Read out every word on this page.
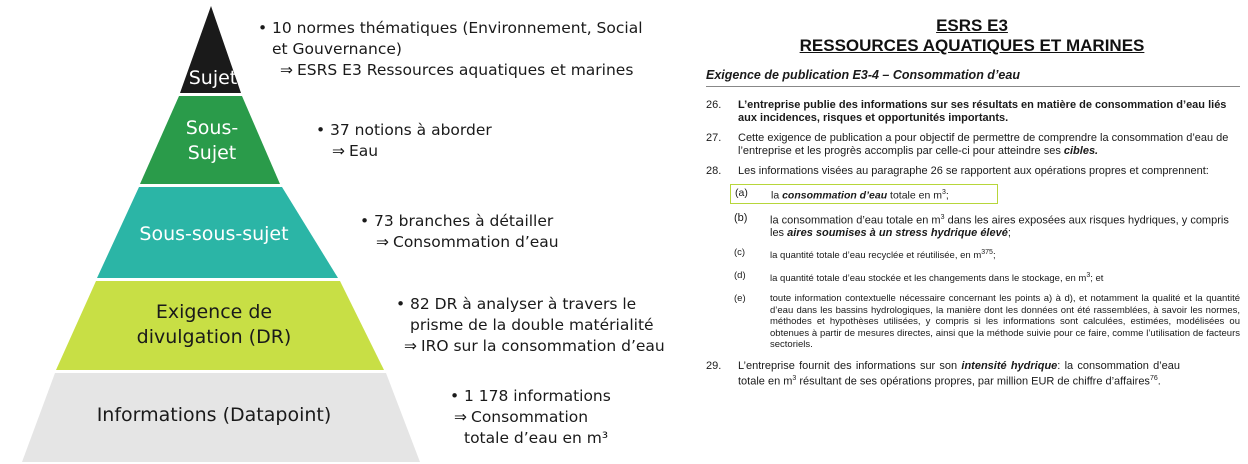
Sujet
Sous-Sujet
Sous-sous-sujet
Exigence de divulgation (DR)
Informations (Datapoint)
• 10 normes thématiques (Environnement, Social
et Gouvernance)
⇒ ESRS E3 Ressources aquatiques et marines
• 37 notions à aborder
⇒ Eau
• 73 branches à détailler
⇒ Consommation d’eau
• 82 DR à analyser à travers le
prisme de la double matérialité
⇒ IRO sur la consommation d’eau
• 1 178 informations
⇒ Consommation
totale d’eau en m³

ESRS E3

RESSOURCES AQUATIQUES ET MARINES

Exigence de publication E3-4 – Consommation d’eau
26.	L’entreprise publie des informations sur ses résultats en matière de consommation d’eau liés aux incidences, risques et opportunités importants.
27.	Cette exigence de publication a pour objectif de permettre de comprendre la consommation d’eau de l’entreprise et les progrès accomplis par celle-ci pour atteindre ses cibles.
28.	Les informations visées au paragraphe 26 se rapportent aux opérations propres et comprennent:
(a)	la consommation d’eau totale en $m^3$;
(b)	la consommation d’eau totale en $m^3$ dans les aires exposées aux risques hydriques, y compris les aires soumises à un stress hydrique élevé;
(c)	la quantité totale d’eau recyclée et réutilisée, en $m^{375}$;
(d)	la quantité totale d’eau stockée et les changements dans le stockage, en $m^3$; et
(e)	toute information contextuelle nécessaire concernant les points a) à d), et notamment la qualité et la quantité d’eau dans les bassins hydrologiques, la manière dont les données ont été rassemblées, à savoir les normes, méthodes et hypothèses utilisées, y compris si les informations sont calculées, estimées, modélisées ou obtenues à partir de mesures directes, ainsi que la méthode suivie pour ce faire, comme l’utilisation de facteurs sectoriels.
29.	L’entreprise fournit des informations sur son intensité hydrique: la consommation d’eau totale en $m^3$ résultant de ses opérations propres, par million EUR de chiffre d’affaires$^{76}$.
